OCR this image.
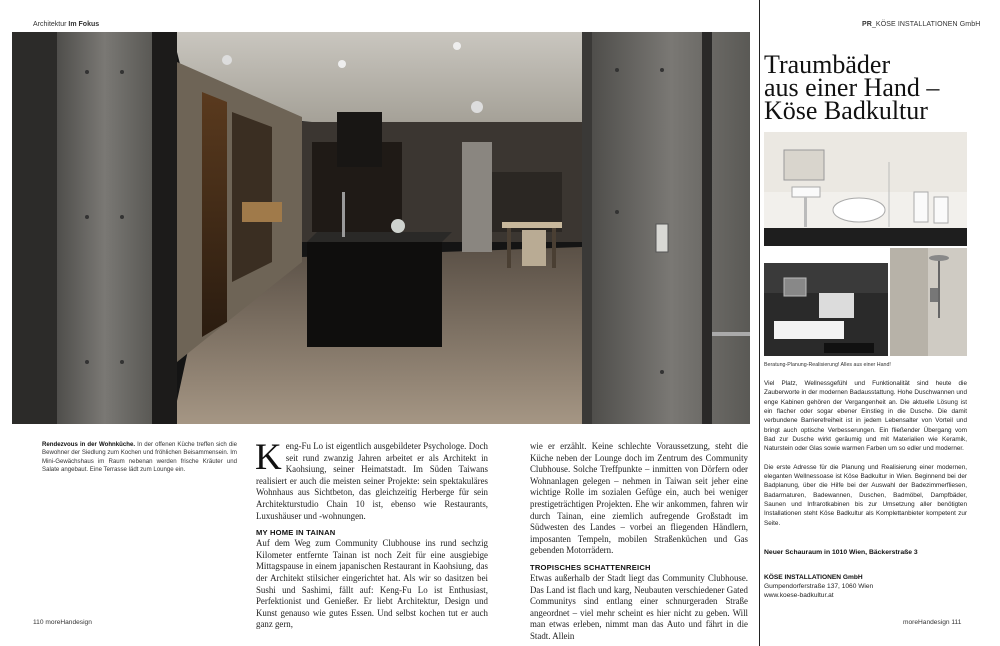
Architektur Im Fokus
Rendezvous in der Wohnküche. In der offenen Küche treffen sich die Bewohner der Siedlung zum Kochen und fröhlichen Beisammensein. Im Mini-Gewächshaus im Raum nebenan werden frische Kräuter und Salate angebaut. Eine Terrasse lädt zum Lounge ein.	K eng-Fu Lo ist eigentlich ausgebildeter Psychologe. Doch seit rund zwanzig Jahren arbeitet er als Architekt in Kaohsiung, seiner Heimatstadt. Im Süden Taiwans realisiert er auch die meisten seiner Projekte: sein spektakuläres Wohnhaus aus Sichtbeton, das gleichzeitig Herberge für sein Architekturstudio Chain 10 ist, ebenso wie Restaurants, Luxushäuser und -wohnungen.

MY HOME IN TAINAN

Auf dem Weg zum Community Clubhouse ins rund sechzig Kilometer entfernte Tainan ist noch Zeit für eine ausgiebige Mittagspause in einem japanischen Restaurant in Kaohsiung, das der Architekt stilsicher eingerichtet hat. Als wir so dasitzen bei Sushi und Sashimi, fällt auf: Keng-Fu Lo ist Enthusiast, Perfektionist und Genießer. Er liebt Architektur, Design und Kunst genauso wie gutes Essen. Und selbst kochen tut er auch ganz gern,

wie er erzählt. Keine schlechte Voraussetzung, steht die Küche neben der Lounge doch im Zentrum des Community Clubhouse. Solche Treffpunkte – inmitten von Dörfern oder Wohnanlagen gelegen – nehmen in Taiwan seit jeher eine wichtige Rolle im sozialen Gefüge ein, auch bei weniger prestigeträchtigen Projekten. Ehe wir ankommen, fahren wir durch Tainan, eine ziemlich aufregende Großstadt im Südwesten des Landes – vorbei an fliegenden Händlern, imposanten Tempeln, mobilen Straßenküchen und Gas gebenden Motorrädern.

TROPISCHES SCHATTENREICH

Etwas außerhalb der Stadt liegt das Community Clubhouse. Das Land ist flach und karg, Neubauten verschiedener Gated Communitys sind entlang einer schnurgeraden Straße angeordnet – viel mehr scheint es hier nicht zu geben. Will man etwas erleben, nimmt man das Auto und fährt in die Stadt. Allein

110 moreHandesign
PR_KÖSE INSTALLATIONEN GmbH
Traumbäder
aus einer Hand –
Köse Badkultur
Beratung-Planung-Realisierung! Alles aus einer Hand!

Viel Platz, Wellnessgefühl und Funktionalität sind heute die Zauberworte in der modernen Badausstattung. Hohe Duschwannen und enge Kabinen gehören der Vergangenheit an. Die aktuelle Lösung ist ein flacher oder sogar ebener Einstieg in die Dusche. Die damit verbundene Barrierefreiheit ist in jedem Lebensalter von Vorteil und bringt auch optische Verbesserungen. Ein fließender Übergang vom Bad zur Dusche wirkt geräumig und mit Materialien wie Keramik, Naturstein oder Glas sowie warmen Farben um so edler und moderner.

Die erste Adresse für die Planung und Realisierung einer modernen, eleganten Wellnessoase ist Köse Badkultur in Wien. Beginnend bei der Badplanung, über die Hilfe bei der Auswahl der Badezimmerfliesen, Badarmaturen, Badewannen, Duschen, Badmöbel, Dampfbäder, Saunen und Infrarotkabinen bis zur Umsetzung aller benötigten Installationen steht Köse Badkultur als Komplettanbieter kompetent zur Seite.

Neuer Schauraum in 1010 Wien, Bäckerstraße 3
KÖSE INSTALLATIONEN GmbH
Gumpendorferstraße 137, 1060 Wien
www.koese-badkultur.at
moreHandesign 111
